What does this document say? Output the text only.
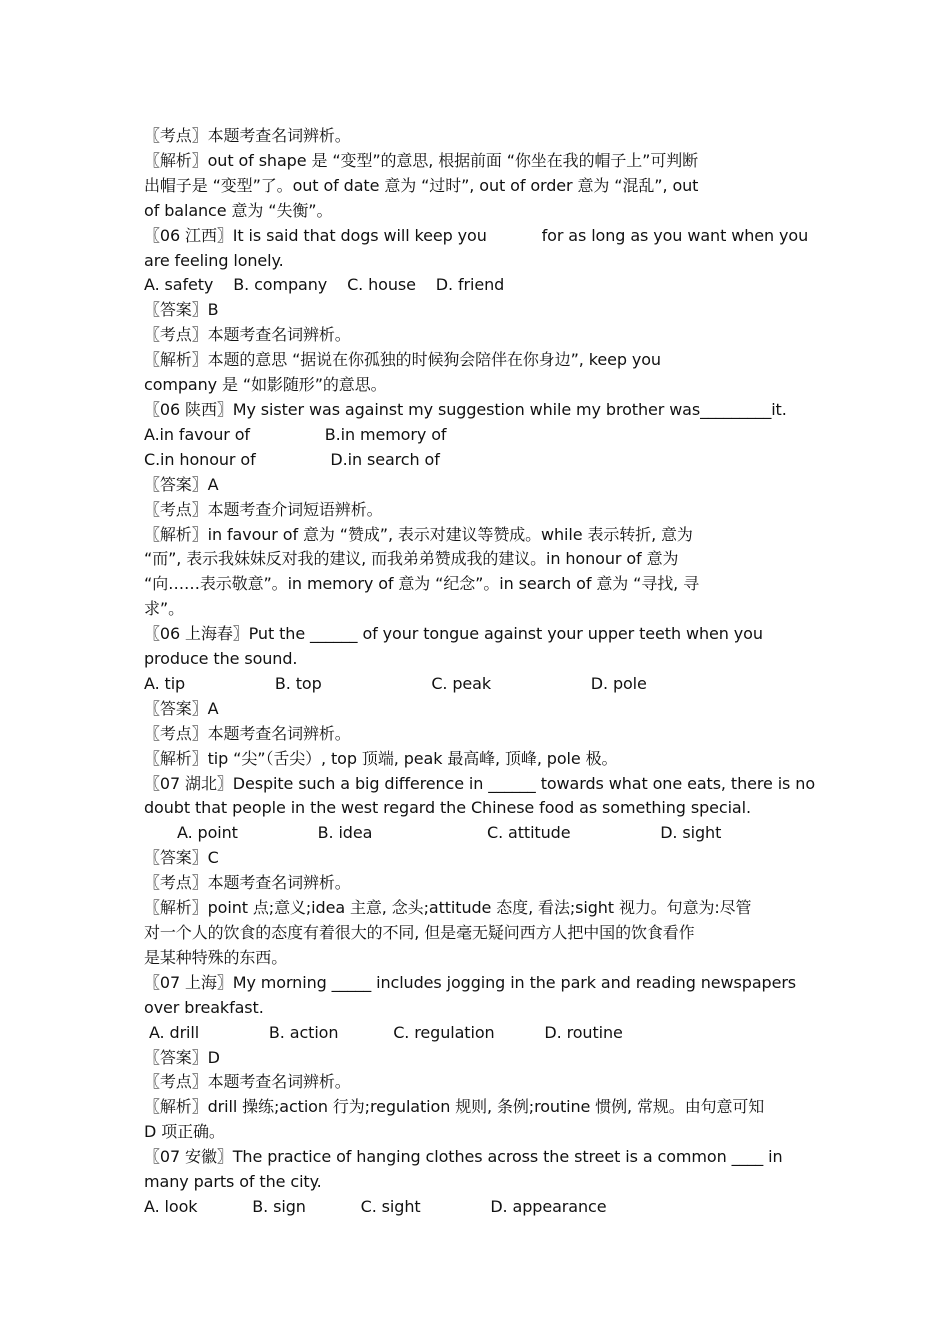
〖考点〗本题考查名词辨析。
〖解析〗out of shape 是 “变型”的意思, 根据前面 “你坐在我的帽子上”可判断
出帽子是 “变型”了。out of date 意为 “过时”, out of order 意为 “混乱”, out
of balance 意为 “失衡”。
〖06 江西〗It is said that dogs will keep you           for as long as you want when you
are feeling lonely.
A. safety    B. company    C. house    D. friend
〖答案〗B
〖考点〗本题考查名词辨析。
〖解析〗本题的意思 “据说在你孤独的时候狗会陪伴在你身边”, keep you
company 是 “如影随形”的意思。
〖06 陕西〗My sister was against my suggestion while my brother was_________it.
A.in favour of               B.in memory of
C.in honour of               D.in search of
〖答案〗A
〖考点〗本题考查介词短语辨析。
〖解析〗in favour of 意为 “赞成”, 表示对建议等赞成。while 表示转折, 意为
“而”, 表示我妹妹反对我的建议, 而我弟弟赞成我的建议。in honour of 意为
“向……表示敬意”。in memory of 意为 “纪念”。in search of 意为 “寻找, 寻
求”。
〖06 上海春〗Put the ______ of your tongue against your upper teeth when you
produce the sound.
A. tip                  B. top                      C. peak                    D. pole
〖答案〗A
〖考点〗本题考查名词辨析。
〖解析〗tip “尖”（舌尖）, top 顶端, peak 最高峰, 顶峰, pole 极。
〖07 湖北〗Despite such a big difference in ______ towards what one eats, there is no
doubt that people in the west regard the Chinese food as something special.
A. point                B. idea                       C. attitude                  D. sight
〖答案〗C
〖考点〗本题考查名词辨析。
〖解析〗point 点;意义;idea 主意, 念头;attitude 态度, 看法;sight 视力。句意为:尽管
对一个人的饮食的态度有着很大的不同, 但是毫无疑问西方人把中国的饮食看作
是某种特殊的东西。
〖07 上海〗My morning _____ includes jogging in the park and reading newspapers
over breakfast.
A. drill              B. action           C. regulation          D. routine
〖答案〗D
〖考点〗本题考查名词辨析。
〖解析〗drill 操练;action 行为;regulation 规则, 条例;routine 惯例, 常规。由句意可知
D 项正确。
〖07 安徽〗The practice of hanging clothes across the street is a common ____ in
many parts of the city.
A. look           B. sign           C. sight              D. appearance
